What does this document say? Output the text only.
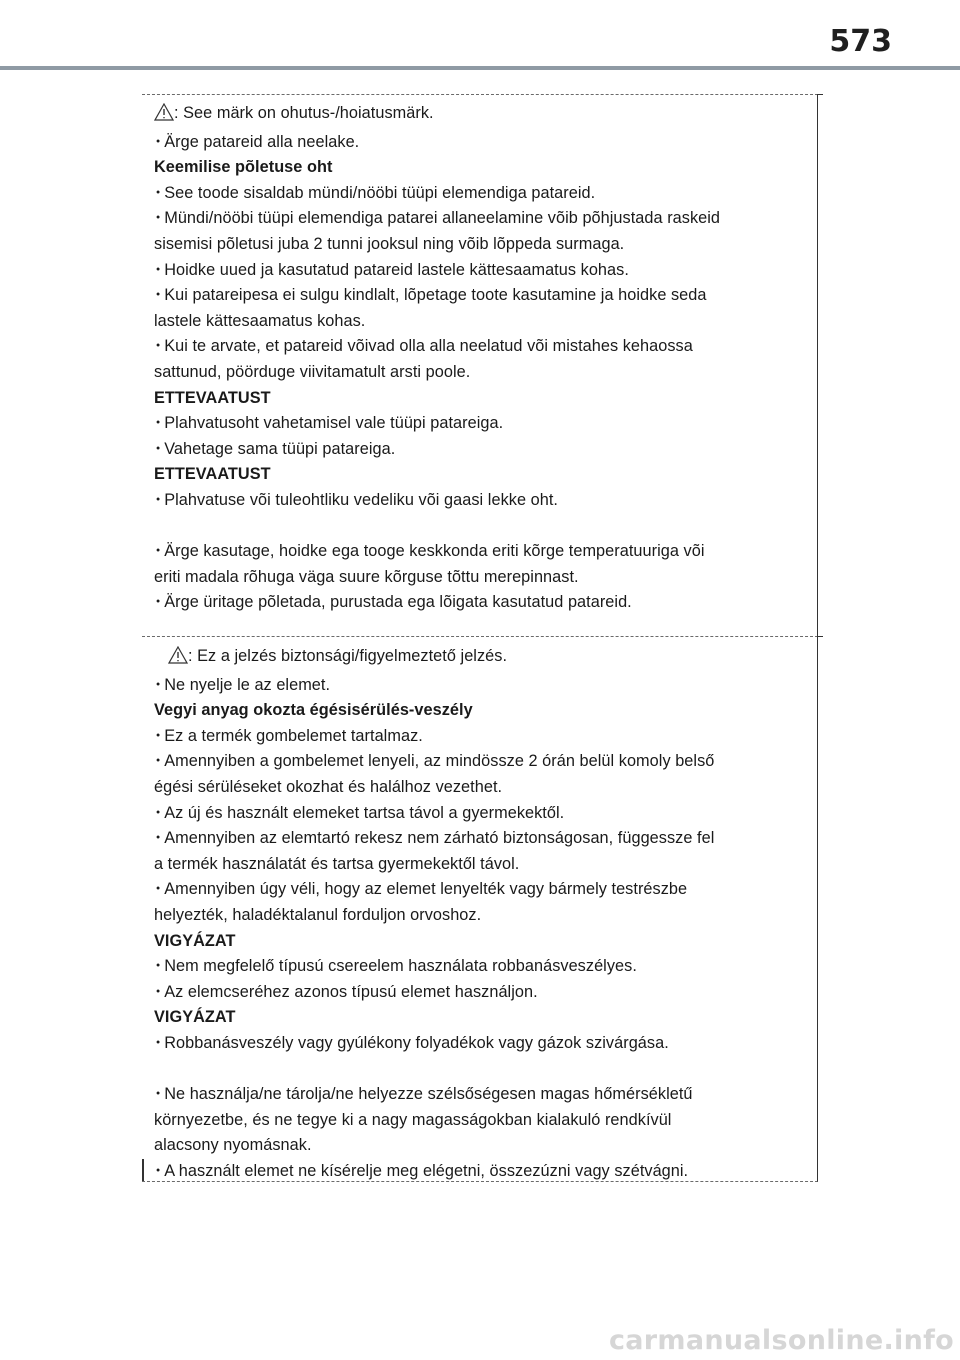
573
: See märk on ohutus-/hoiatusmärk.
･ Ärge patareid alla neelake.
Keemilise põletuse oht
･ See toode sisaldab mündi/nööbi tüüpi elemendiga patareid.
･ Mündi/nööbi tüüpi elemendiga patarei allaneelamine võib põhjustada raskeid
sisemisi põletusi juba 2 tunni jooksul ning võib lõppeda surmaga.
･ Hoidke uued ja kasutatud patareid lastele kättesaamatus kohas.
･ Kui patareipesa ei sulgu kindlalt, lõpetage toote kasutamine ja hoidke seda
lastele kättesaamatus kohas.
･ Kui te arvate, et patareid võivad olla alla neelatud või mistahes kehaossa
sattunud, pöörduge viivitamatult arsti poole.
ETTEVAATUST
･ Plahvatusoht vahetamisel vale tüüpi patareiga.
･ Vahetage sama tüüpi patareiga.
ETTEVAATUST
･ Plahvatuse või tuleohtliku vedeliku või gaasi lekke oht.
･ Ärge kasutage, hoidke ega tooge keskkonda eriti kõrge temperatuuriga või
eriti madala rõhuga väga suure kõrguse tõttu merepinnast.
･ Ärge üritage põletada, purustada ega lõigata kasutatud patareid.
: Ez a jelzés biztonsági/figyelmeztető jelzés.
･ Ne nyelje le az elemet.
Vegyi anyag okozta égésisérülés-veszély
･ Ez a termék gombelemet tartalmaz.
･ Amennyiben a gombelemet lenyeli, az mindössze 2 órán belül komoly belső
égési sérüléseket okozhat és halálhoz vezethet.
･ Az új és használt elemeket tartsa távol a gyermekektől.
･ Amennyiben az elemtartó rekesz nem zárható biztonságosan, függessze fel
a termék használatát és tartsa gyermekektől távol.
･ Amennyiben úgy véli, hogy az elemet lenyelték vagy bármely testrészbe
helyezték, haladéktalanul forduljon orvoshoz.
VIGYÁZAT
･ Nem megfelelő típusú csereelem használata robbanásveszélyes.
･ Az elemcseréhez azonos típusú elemet használjon.
VIGYÁZAT
･ Robbanásveszély vagy gyúlékony folyadékok vagy gázok szivárgása.
･ Ne használja/ne tárolja/ne helyezze szélsőségesen magas hőmérsékletű
környezetbe, és ne tegye ki a nagy magasságokban kialakuló rendkívül
alacsony nyomásnak.
･ A használt elemet ne kísérelje meg elégetni, összezúzni vagy szétvágni.
carmanualsonline.info
